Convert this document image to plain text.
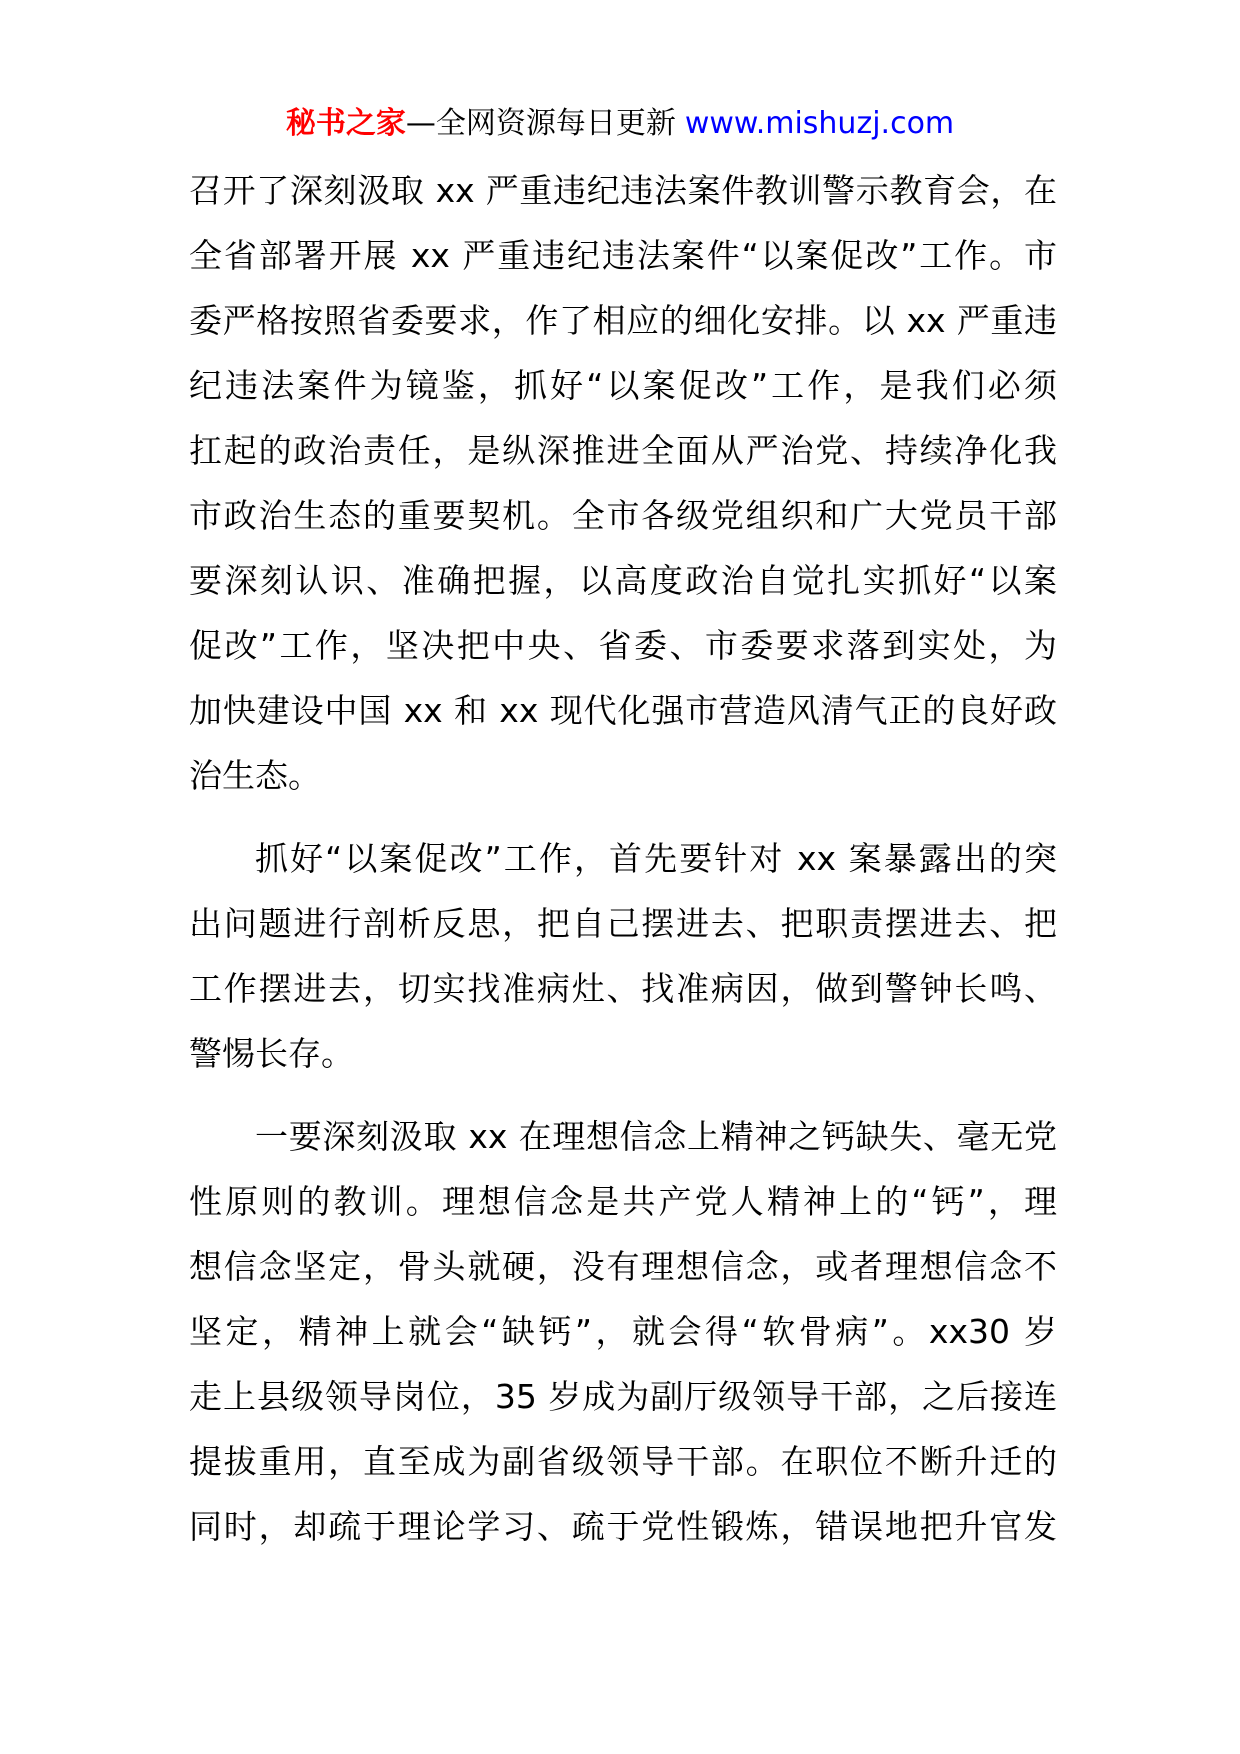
秘书之家—全网资源每日更新 www.mishuzj.com
召开了深刻汲取 xx 严重违纪违法案件教训警示教育会，在
全省部署开展 xx 严重违纪违法案件“以案促改”工作。市
委严格按照省委要求，作了相应的细化安排。以 xx 严重违
纪违法案件为镜鉴，抓好“以案促改”工作，是我们必须
扛起的政治责任，是纵深推进全面从严治党、持续净化我
市政治生态的重要契机。全市各级党组织和广大党员干部
要深刻认识、准确把握，以高度政治自觉扎实抓好“以案
促改”工作，坚决把中央、省委、市委要求落到实处，为
加快建设中国 xx 和 xx 现代化强市营造风清气正的良好政
治生态。
抓好“以案促改”工作，首先要针对 xx 案暴露出的突
出问题进行剖析反思，把自己摆进去、把职责摆进去、把
工作摆进去，切实找准病灶、找准病因，做到警钟长鸣、
警惕长存。
一要深刻汲取 xx 在理想信念上精神之钙缺失、毫无党
性原则的教训。理想信念是共产党人精神上的“钙”，理
想信念坚定，骨头就硬，没有理想信念，或者理想信念不
坚定，精神上就会“缺钙”，就会得“软骨病”。xx30 岁
走上县级领导岗位，35 岁成为副厅级领导干部，之后接连
提拔重用，直至成为副省级领导干部。在职位不断升迁的
同时，却疏于理论学习、疏于党性锻炼，错误地把升官发
